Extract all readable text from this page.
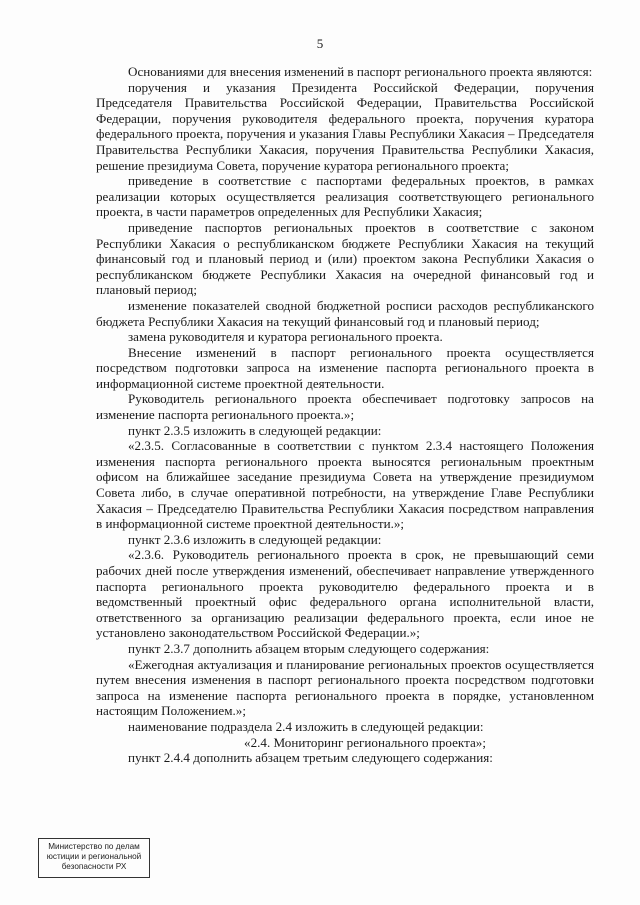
5

Основаниями для внесения изменений в паспорт регионального проекта являются:

поручения и указания Президента Российской Федерации, поручения Председателя Правительства Российской Федерации, Правительства Российской Федерации, поручения руководителя федерального проекта, поручения куратора федерального проекта, поручения и указания Главы Республики Хакасия – Председателя Правительства Республики Хакасия, поручения Правительства Республики Хакасия, решение президиума Совета, поручение куратора регионального проекта;

приведение в соответствие с паспортами федеральных проектов, в рамках реализации которых осуществляется реализация соответствующего регионального проекта, в части параметров определенных для Республики Хакасия;

приведение паспортов региональных проектов в соответствие с законом Республики Хакасия о республиканском бюджете Республики Хакасия на текущий финансовый год и плановый период и (или) проектом закона Республики Хакасия о республиканском бюджете Республики Хакасия на очередной финансовый год и плановый период;

изменение показателей сводной бюджетной росписи расходов республиканского бюджета Республики Хакасия на текущий финансовый год и плановый период;

замена руководителя и куратора регионального проекта.

Внесение изменений в паспорт регионального проекта осуществляется посредством подготовки запроса на изменение паспорта регионального проекта в информационной системе проектной деятельности.

Руководитель регионального проекта обеспечивает подготовку запросов на изменение паспорта регионального проекта.»;

пункт 2.3.5 изложить в следующей редакции:

«2.3.5. Согласованные в соответствии с пунктом 2.3.4 настоящего Положения изменения паспорта регионального проекта выносятся региональным проектным офисом на ближайшее заседание президиума Совета на утверждение президиумом Совета либо, в случае оперативной потребности, на утверждение Главе Республики Хакасия – Председателю Правительства Республики Хакасия посредством направления в информационной системе проектной деятельности.»;

пункт 2.3.6 изложить в следующей редакции:

«2.3.6. Руководитель регионального проекта в срок, не превышающий семи рабочих дней после утверждения изменений, обеспечивает направление утвержденного паспорта регионального проекта руководителю федерального проекта и в ведомственный проектный офис федерального органа исполнительной власти, ответственного за организацию реализации федерального проекта, если иное не установлено законодательством Российской Федерации.»;

пункт 2.3.7 дополнить абзацем вторым следующего содержания:

«Ежегодная актуализация и планирование региональных проектов осуществляется путем внесения изменения в паспорт регионального проекта посредством подготовки запроса на изменение паспорта регионального проекта в порядке, установленном настоящим Положением.»;

наименование подраздела 2.4 изложить в следующей редакции:

«2.4. Мониторинг регионального проекта»;

пункт 2.4.4 дополнить абзацем третьим следующего содержания:

Министерство по делам
юстиции и региональной
безопасности РХ
